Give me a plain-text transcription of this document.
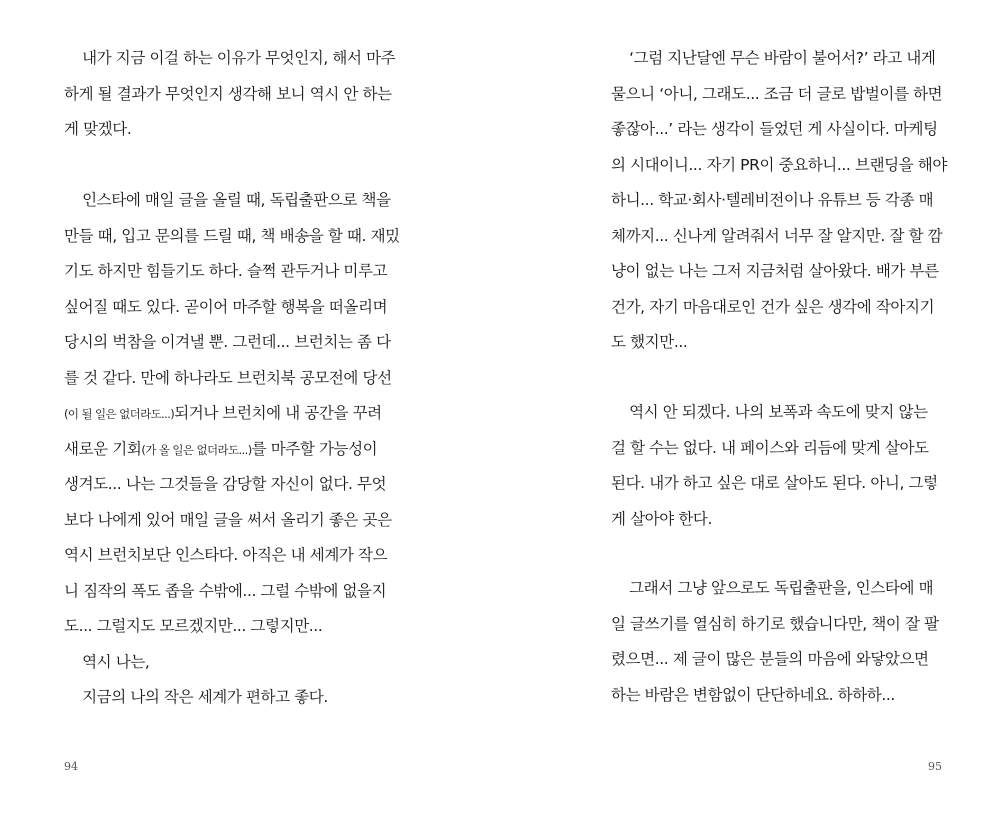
내가 지금 이걸 하는 이유가 무엇인지, 해서 마주
하게 될 결과가 무엇인지 생각해 보니 역시 안 하는
게 맞겠다.

인스타에 매일 글을 올릴 때, 독립출판으로 책을
만들 때, 입고 문의를 드릴 때, 책 배송을 할 때. 재밌
기도 하지만 힘들기도 하다. 슬쩍 관두거나 미루고
싶어질 때도 있다. 곧이어 마주할 행복을 떠올리며
당시의 벅참을 이겨낼 뿐. 그런데... 브런치는 좀 다
를 것 같다. 만에 하나라도 브런치북 공모전에 당선
(이 될 일은 없더라도...)되거나 브런치에 내 공간을 꾸려
새로운 기회(가 올 일은 없더라도...)를 마주할 가능성이
생겨도... 나는 그것들을 감당할 자신이 없다. 무엇
보다 나에게 있어 매일 글을 써서 올리기 좋은 곳은
역시 브런치보단 인스타다. 아직은 내 세계가 작으
니 짐작의 폭도 좁을 수밖에... 그럴 수밖에 없을지
도... 그럴지도 모르겠지만... 그렇지만...
역시 나는,
지금의 나의 작은 세계가 편하고 좋다.

94

‘그럼 지난달엔 무슨 바람이 불어서?’ 라고 내게
물으니 ‘아니, 그래도... 조금 더 글로 밥벌이를 하면
좋잖아...’ 라는 생각이 들었던 게 사실이다. 마케팅
의 시대이니... 자기 PR이 중요하니... 브랜딩을 해야
하니... 학교·회사·텔레비전이나 유튜브 등 각종 매
체까지... 신나게 알려줘서 너무 잘 알지만. 잘 할 깜
냥이 없는 나는 그저 지금처럼 살아왔다. 배가 부른
건가, 자기 마음대로인 건가 싶은 생각에 작아지기
도 했지만...

역시 안 되겠다. 나의 보폭과 속도에 맞지 않는
걸 할 수는 없다. 내 페이스와 리듬에 맞게 살아도
된다. 내가 하고 싶은 대로 살아도 된다. 아니, 그렇
게 살아야 한다.

그래서 그냥 앞으로도 독립출판을, 인스타에 매
일 글쓰기를 열심히 하기로 했습니다만, 책이 잘 팔
렸으면... 제 글이 많은 분들의 마음에 와닿았으면
하는 바람은 변함없이 단단하네요. 하하하...

95
